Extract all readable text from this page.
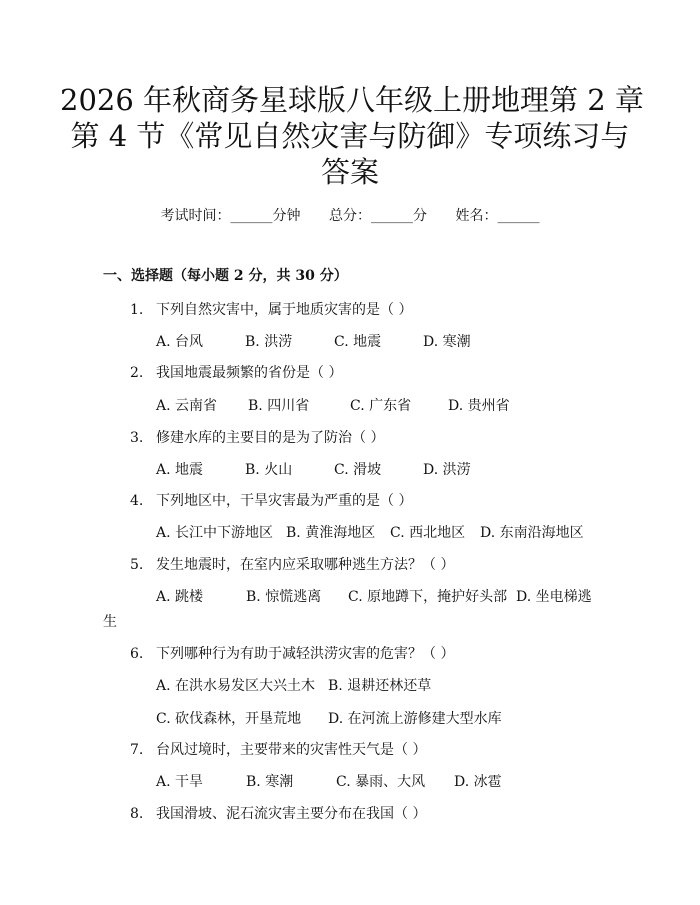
2026 年秋商务星球版八年级上册地理第 2 章
第 4 节《常见自然灾害与防御》专项练习与
答案
考试时间：______分钟 总分：______分 姓名：______
一、选择题（每小题 2 分，共 30 分）
1. 下列自然灾害中，属于地质灾害的是（ ）
A. 台风	B. 洪涝	C. 地震	D. 寒潮
2. 我国地震最频繁的省份是（ ）
A. 云南省 B. 四川省	C. 广东省	D. 贵州省
3. 修建水库的主要目的是为了防治（ ）
A. 地震	B. 火山	C. 滑坡	D. 洪涝
4. 下列地区中，干旱灾害最为严重的是（ ）
A. 长江中下游地区 B. 黄淮海地区 C. 西北地区 D. 东南沿海地区
5. 发生地震时，在室内应采取哪种逃生方法？（ ）
A. 跳楼	B. 惊慌逃离 C. 原地蹲下，掩护好头部 D. 坐电梯逃
生
6. 下列哪种行为有助于减轻洪涝灾害的危害？（ ）
A. 在洪水易发区大兴土木 B. 退耕还林还草
C. 砍伐森林，开垦荒地 D. 在河流上游修建大型水库
7. 台风过境时，主要带来的灾害性天气是（ ）
A. 干旱	B. 寒潮	C. 暴雨、大风 D. 冰雹
8. 我国滑坡、泥石流灾害主要分布在我国（ ）
